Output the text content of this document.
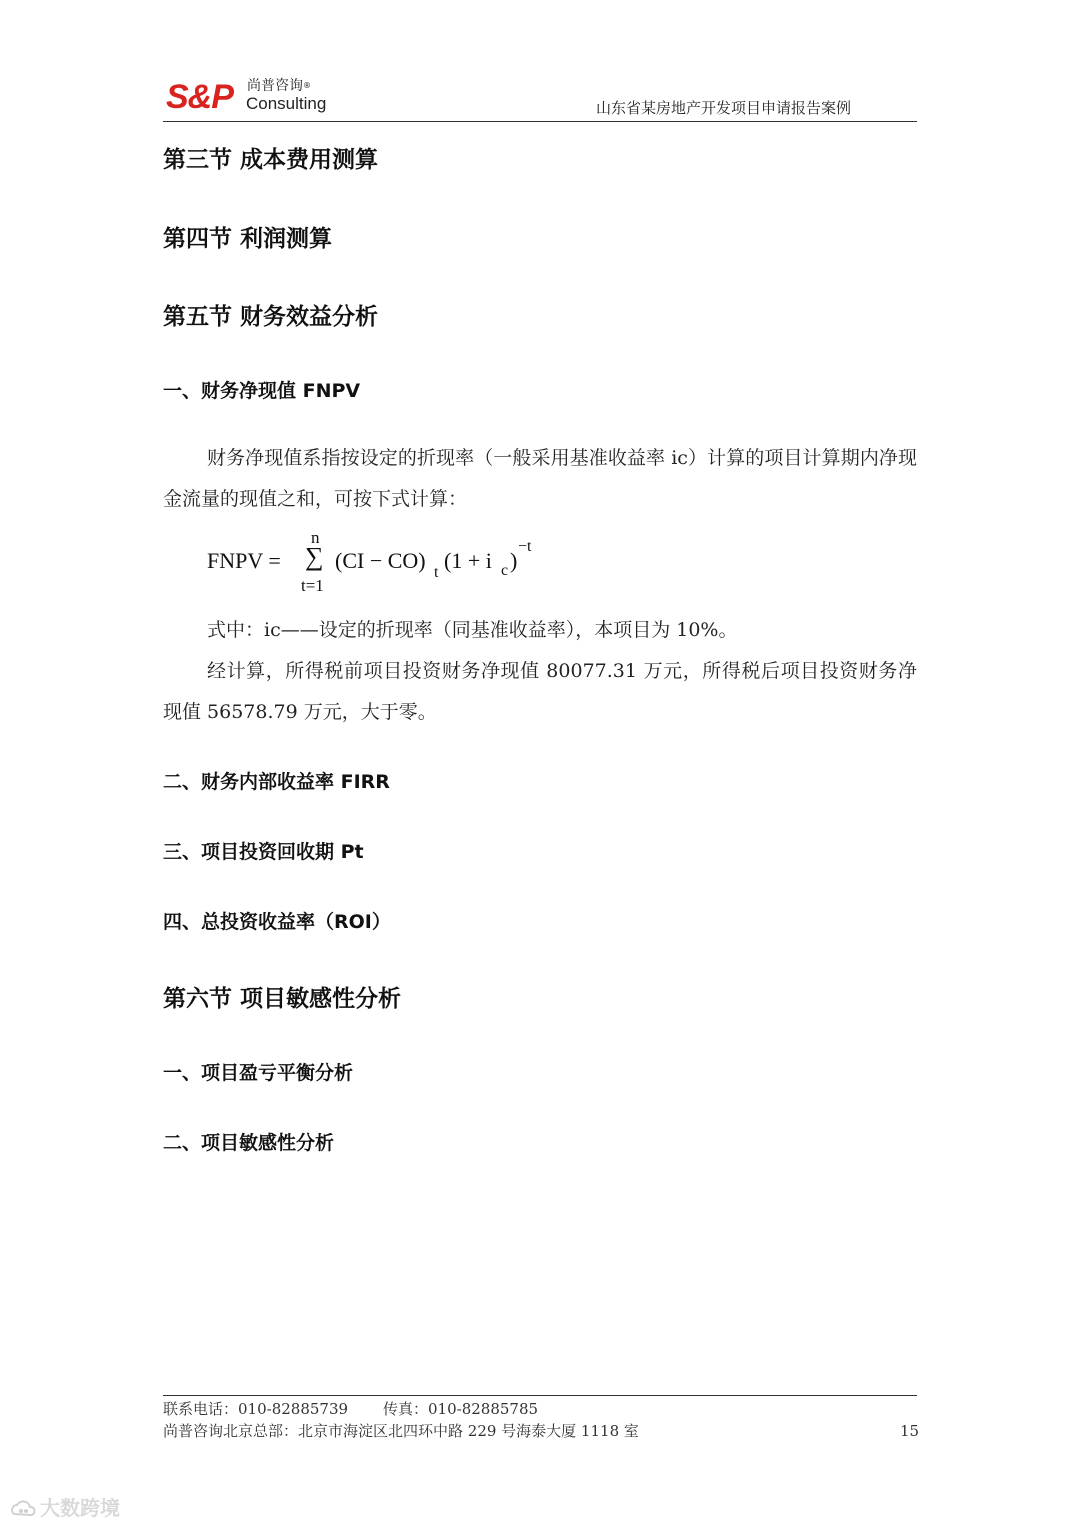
S&P 尚普咨询®
Consulting	山东省某房地产开发项目申请报告案例
第三节 成本费用测算
第四节 利润测算
第五节 财务效益分析
一、财务净现值 FNPV

财务净现值系指按设定的折现率（一般采用基准收益率 ic）计算的项目计算期内净现金流量的现值之和，可按下式计算：

FNPV =
n
∑
t=1
(CI − CO) t (1 + i c )
−t
式中：ic——设定的折现率（同基准收益率），本项目为 10%。

经计算，所得税前项目投资财务净现值 80077.31 万元，所得税后项目投资财务净现值 56578.79 万元，大于零。

二、财务内部收益率 FIRR
三、项目投资回收期 Pt
四、总投资收益率（ROI）
第六节 项目敏感性分析
一、项目盈亏平衡分析
二、项目敏感性分析
联系电话：010-82885739 传真：010-82885785
尚普咨询北京总部：北京市海淀区北四环中路 229 号海泰大厦 1118 室	15
大数跨境
